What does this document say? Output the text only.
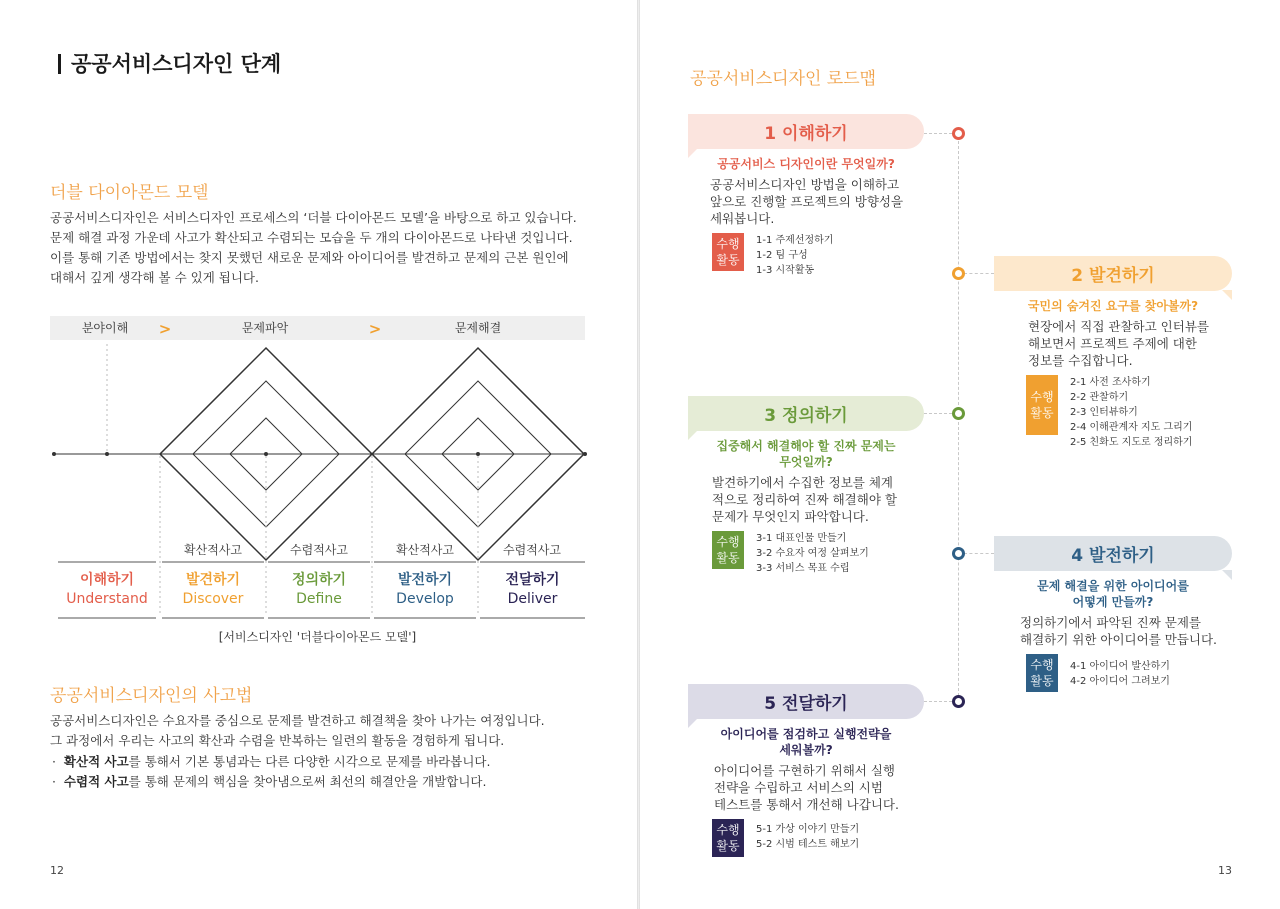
공공서비스디자인 단계
더블 다이아몬드 모델
공공서비스디자인은 서비스디자인 프로세스의 ‘더블 다이아몬드 모델’을 바탕으로 하고 있습니다.
문제 해결 과정 가운데 사고가 확산되고 수렴되는 모습을 두 개의 다이아몬드로 나타낸 것입니다.
이를 통해 기존 방법에서는 찾지 못했던 새로운 문제와 아이디어를 발견하고 문제의 근본 원인에
대해서 깊게 생각해 볼 수 있게 됩니다.
분야이해	문제파악	문제해결
>	>
확산적사고	수렴적사고	확산적사고	수렴적사고
이해하기
Understand
발견하기
Discover
정의하기
Define
발전하기
Develop
전달하기
Deliver
[서비스디자인 '더블다이아몬드 모델']
공공서비스디자인의 사고법
공공서비스디자인은 수요자를 중심으로 문제를 발견하고 해결책을 찾아 나가는 여정입니다.
그 과정에서 우리는 사고의 확산과 수렴을 반복하는 일련의 활동을 경험하게 됩니다.
·  확산적 사고를 통해서 기본 통념과는 다른 다양한 시각으로 문제를 바라봅니다.
·  수렴적 사고를 통해 문제의 핵심을 찾아냄으로써 최선의 해결안을 개발합니다.
12
공공서비스디자인 로드맵
1 이해하기
공공서비스 디자인이란 무엇일까?
공공서비스디자인 방법을 이해하고
앞으로 진행할 프로젝트의 방향성을
세워봅니다.
수행
활동
1-1 주제선정하기
1-2 팀 구성
1-3 시작활동	2 발견하기
국민의 숨겨진 요구를 찾아볼까?
현장에서 직접 관찰하고 인터뷰를
해보면서 프로젝트 주제에 대한
정보를 수집합니다.
수행
활동
2-1 사전 조사하기
2-2 관찰하기
2-3 인터뷰하기
2-4 이해관계자 지도 그리기
2-5 친화도 지도로 정리하기
3 정의하기
집중해서 해결해야 할 진짜 문제는
무엇일까?
발견하기에서 수집한 정보를 체계
적으로 정리하여 진짜 해결해야 할
문제가 무엇인지 파악합니다.
수행
활동
3-1 대표인물 만들기
3-2 수요자 여정 살펴보기
3-3 서비스 목표 수립
4 발전하기
문제 해결을 위한 아이디어를
어떻게 만들까?
정의하기에서 파악된 진짜 문제를
해결하기 위한 아이디어를 만듭니다.
수행
활동
4-1 아이디어 발산하기
4-2 아이디어 그려보기
5 전달하기
아이디어를 점검하고 실행전략을
세워볼까?
아이디어를 구현하기 위해서 실행
전략을 수립하고 서비스의 시범
테스트를 통해서 개선해 나갑니다.
수행
활동
5-1 가상 이야기 만들기
5-2 시범 테스트 해보기
13
